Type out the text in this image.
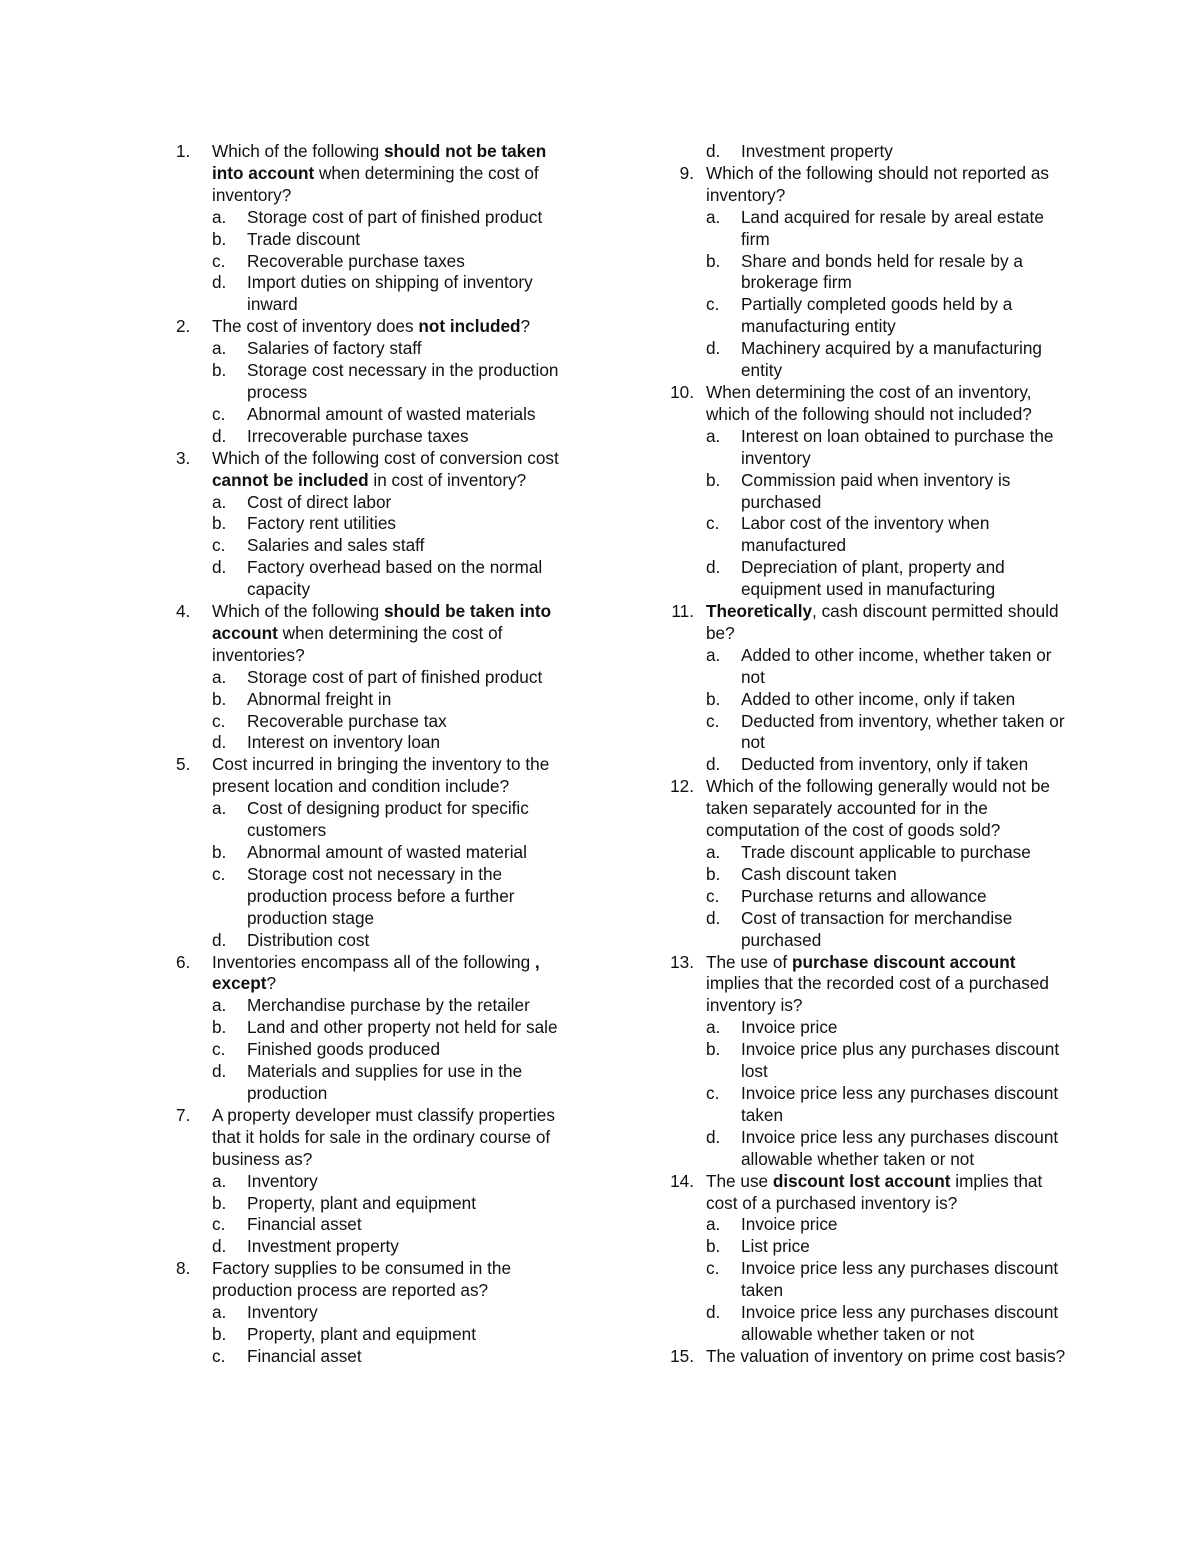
1.	Which of the following should not be taken into account when determining the cost of inventory?
a. Storage cost of part of finished product
b. Trade discount
c. Recoverable purchase taxes
d. Import duties on shipping of inventory inward
2.	The cost of inventory does not included?
a. Salaries of factory staff
b. Storage cost necessary in the production process
c. Abnormal amount of wasted materials
d. Irrecoverable purchase taxes
3.	Which of the following cost of conversion cost cannot be included in cost of inventory?
a. Cost of direct labor
b. Factory rent utilities
c. Salaries and sales staff
d. Factory overhead based on the normal capacity
4.	Which of the following should be taken into account when determining the cost of inventories?
a. Storage cost of part of finished product
b. Abnormal freight in
c. Recoverable purchase tax
d. Interest on inventory loan
5.	Cost incurred in bringing the inventory to the present location and condition include?
a. Cost of designing product for specific customers
b. Abnormal amount of wasted material
c. Storage cost not necessary in the production process before a further production stage
d. Distribution cost
6.	Inventories encompass all of the following , except?
a. Merchandise purchase by the retailer
b. Land and other property not held for sale
c. Finished goods produced
d. Materials and supplies for use in the production
7.	A property developer must classify properties that it holds for sale in the ordinary course of business as?
a. Inventory
b. Property, plant and equipment
c. Financial asset
d. Investment property
8.	Factory supplies to be consumed in the production process are reported as?
a. Inventory
b. Property, plant and equipment
c. Financial asset
d. Investment property
9. Which of the following should not reported as inventory?
a. Land acquired for resale by areal estate firm
b. Share and bonds held for resale by a brokerage firm
c. Partially completed goods held by a manufacturing entity
d. Machinery acquired by a manufacturing entity
10. When determining the cost of an inventory, which of the following should not included?
a. Interest on loan obtained to purchase the inventory
b. Commission paid when inventory is purchased
c. Labor cost of the inventory when manufactured
d. Depreciation of plant, property and equipment used in manufacturing
11. Theoretically, cash discount permitted should be?
a. Added to other income, whether taken or not
b. Added to other income, only if taken
c. Deducted from inventory, whether taken or not
d. Deducted from inventory, only if taken
12. Which of the following generally would not be taken separately accounted for in the computation of the cost of goods sold?
a. Trade discount applicable to purchase
b. Cash discount taken
c. Purchase returns and allowance
d. Cost of transaction for merchandise purchased
13. The use of purchase discount account implies that the recorded cost of a purchased inventory is?
a. Invoice price
b. Invoice price plus any purchases discount lost
c. Invoice price less any purchases discount taken
d. Invoice price less any purchases discount allowable whether taken or not
14. The use discount lost account implies that cost of a purchased inventory is?
a. Invoice price
b. List price
c. Invoice price less any purchases discount taken
d. Invoice price less any purchases discount allowable whether taken or not
15. The valuation of inventory on prime cost basis?
